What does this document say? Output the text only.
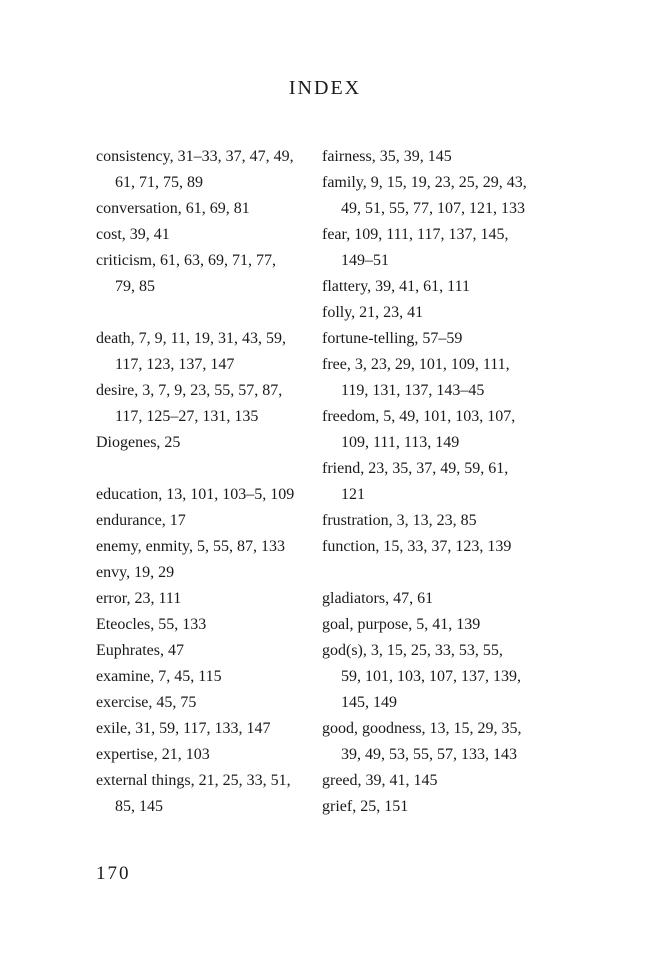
INDEX
consistency, 31–33, 37, 47, 49,
61, 71, 75, 89
conversation, 61, 69, 81
cost, 39, 41
criticism, 61, 63, 69, 71, 77,
79, 85
death, 7, 9, 11, 19, 31, 43, 59,
117, 123, 137, 147
desire, 3, 7, 9, 23, 55, 57, 87,
117, 125–27, 131, 135
Diogenes, 25
education, 13, 101, 103–5, 109
endurance, 17
enemy, enmity, 5, 55, 87, 133
envy, 19, 29
error, 23, 111
Eteocles, 55, 133
Euphrates, 47
examine, 7, 45, 115
exercise, 45, 75
exile, 31, 59, 117, 133, 147
expertise, 21, 103
external things, 21, 25, 33, 51,
85, 145
fairness, 35, 39, 145
family, 9, 15, 19, 23, 25, 29, 43,
49, 51, 55, 77, 107, 121, 133
fear, 109, 111, 117, 137, 145,
149–51
flattery, 39, 41, 61, 111
folly, 21, 23, 41
fortune-telling, 57–59
free, 3, 23, 29, 101, 109, 111,
119, 131, 137, 143–45
freedom, 5, 49, 101, 103, 107,
109, 111, 113, 149
friend, 23, 35, 37, 49, 59, 61,
121
frustration, 3, 13, 23, 85
function, 15, 33, 37, 123, 139
gladiators, 47, 61
goal, purpose, 5, 41, 139
god(s), 3, 15, 25, 33, 53, 55,
59, 101, 103, 107, 137, 139,
145, 149
good, goodness, 13, 15, 29, 35,
39, 49, 53, 55, 57, 133, 143
greed, 39, 41, 145
grief, 25, 151
170
